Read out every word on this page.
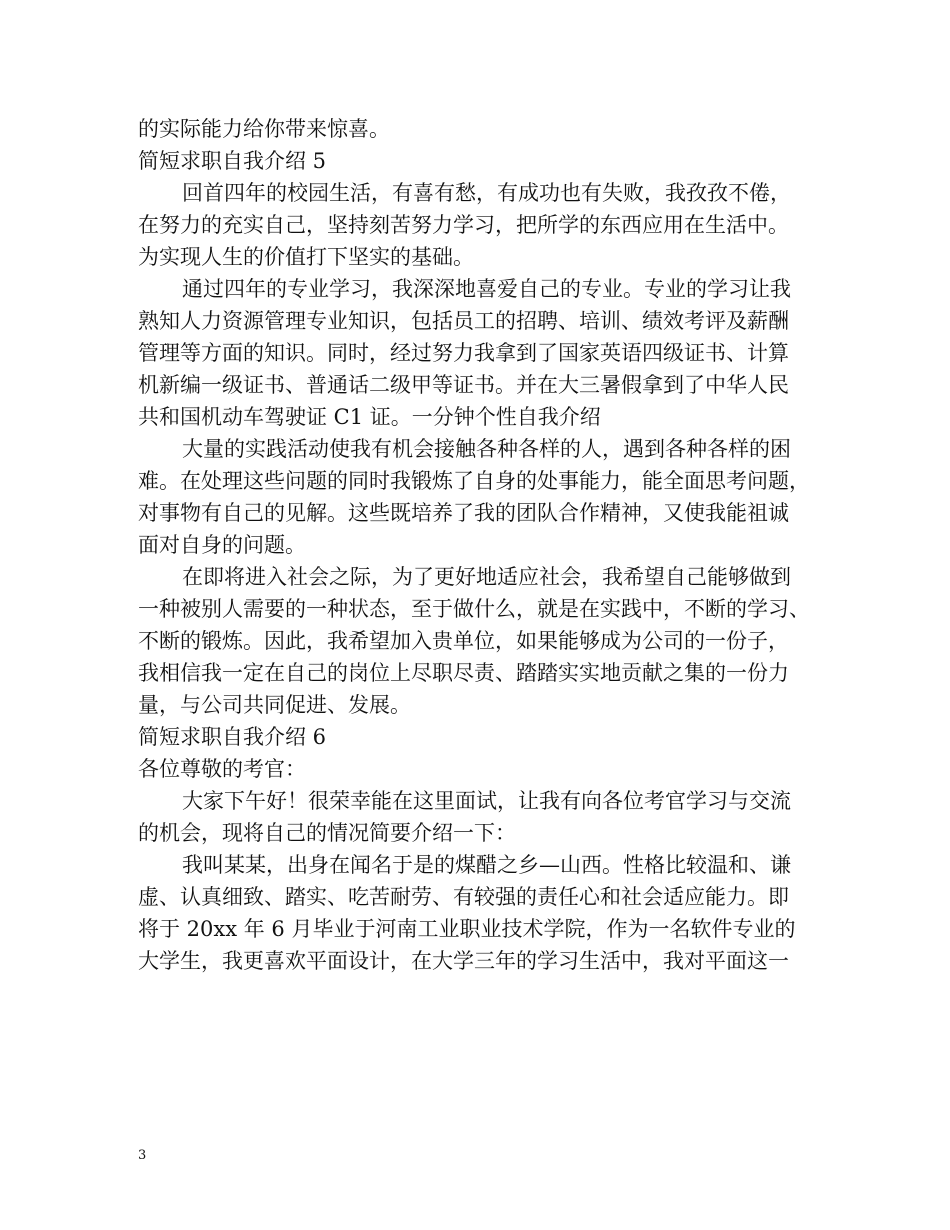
的实际能力给你带来惊喜。
简短求职自我介绍 5
回首四年的校园生活，有喜有愁，有成功也有失败，我孜孜不倦，
在努力的充实自己，坚持刻苦努力学习，把所学的东西应用在生活中。
为实现人生的价值打下坚实的基础。
通过四年的专业学习，我深深地喜爱自己的专业。专业的学习让我
熟知人力资源管理专业知识，包括员工的招聘、培训、绩效考评及薪酬
管理等方面的知识。同时，经过努力我拿到了国家英语四级证书、计算
机新编一级证书、普通话二级甲等证书。并在大三暑假拿到了中华人民
共和国机动车驾驶证 C1 证。一分钟个性自我介绍
大量的实践活动使我有机会接触各种各样的人，遇到各种各样的困
难。在处理这些问题的同时我锻炼了自身的处事能力，能全面思考问题，
对事物有自己的见解。这些既培养了我的团队合作精神，又使我能祖诚
面对自身的问题。
在即将进入社会之际，为了更好地适应社会，我希望自己能够做到
一种被别人需要的一种状态，至于做什么，就是在实践中，不断的学习、
不断的锻炼。因此，我希望加入贵单位，如果能够成为公司的一份子，
我相信我一定在自己的岗位上尽职尽责、踏踏实实地贡献之集的一份力
量，与公司共同促进、发展。
简短求职自我介绍 6
各位尊敬的考官：
大家下午好！很荣幸能在这里面试，让我有向各位考官学习与交流
的机会，现将自己的情况简要介绍一下：
我叫某某，出身在闻名于是的煤醋之乡—山西。性格比较温和、谦
虚、认真细致、踏实、吃苦耐劳、有较强的责任心和社会适应能力。即
将于 20xx 年 6 月毕业于河南工业职业技术学院，作为一名软件专业的
大学生，我更喜欢平面设计，在大学三年的学习生活中，我对平面这一
3
